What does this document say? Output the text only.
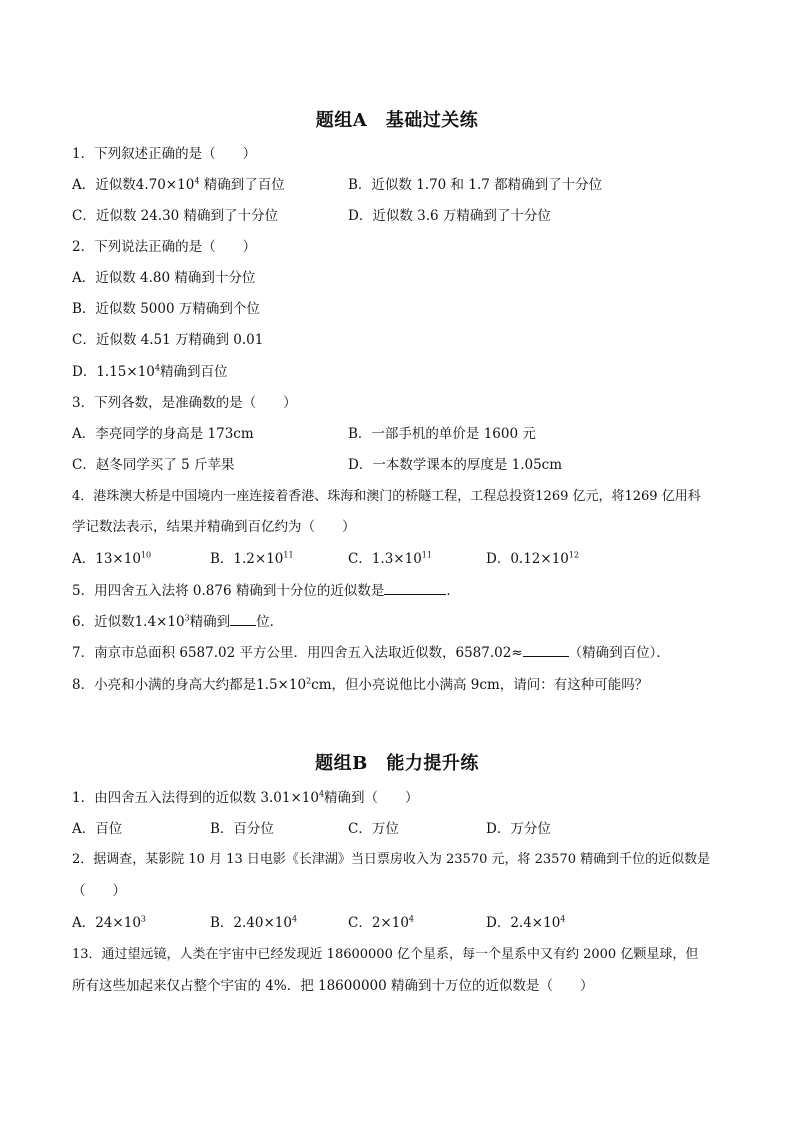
题组A　基础过关练
1．下列叙述正确的是（　　）
A．近似数$4.70\times 10^4$ 精确到了百位	B．近似数 1.70 和 1.7 都精确到了十分位
C．近似数 24.30 精确到了十分位	D．近似数 3.6 万精确到了十分位
2．下列说法正确的是（　　）
A．近似数 4.80 精确到十分位
B．近似数 5000 万精确到个位
C．近似数 4.51 万精确到 0.01
D．$1.15\times 10^4$精确到百位
3．下列各数，是准确数的是（　　）
A．李亮同学的身高是 173cm	B．一部手机的单价是 1600 元
C．赵冬同学买了 5 斤苹果	D．一本数学课本的厚度是 1.05cm
4．港珠澳大桥是中国境内一座连接着香港、珠海和澳门的桥隧工程，工程总投资1269 亿元，将1269 亿用科
学记数法表示，结果并精确到百亿约为（　　）
A．$13\times 10^{10}$	B．$1.2\times 10^{11}$	C．$1.3\times 10^{11}$	D．$0.12\times 10^{12}$
5．用四舍五入法将 0.876 精确到十分位的近似数是	．
6．近似数$1.4\times 10^3$精确到 位．
7．南京市总面积 6587.02 平方公里．用四舍五入法取近似数，6587.02≈	（精确到百位）．
8．小亮和小满的身高大约都是$1.5\times 10^2cm$，但小亮说他比小满高 9cm，请问：有这种可能吗？
题组B　能力提升练
1．由四舍五入法得到的近似数 $3.01\times 10^4$精确到（　　）
A．百位	B．百分位	C．万位	D．万分位
2．据调查，某影院 10 月 13 日电影《长津湖》当日票房收入为 23570 元，将 23570 精确到千位的近似数是
（　　）
A．$24\times 10^3$	B．$2.40\times 10^4$	C．$2\times 10^4$	D．$2.4\times 10^4$
13．通过望远镜，人类在宇宙中已经发现近 18600000 亿个星系，每一个星系中又有约 2000 亿颗星球，但
所有这些加起来仅占整个宇宙的 4%．把 18600000 精确到十万位的近似数是（　　）
